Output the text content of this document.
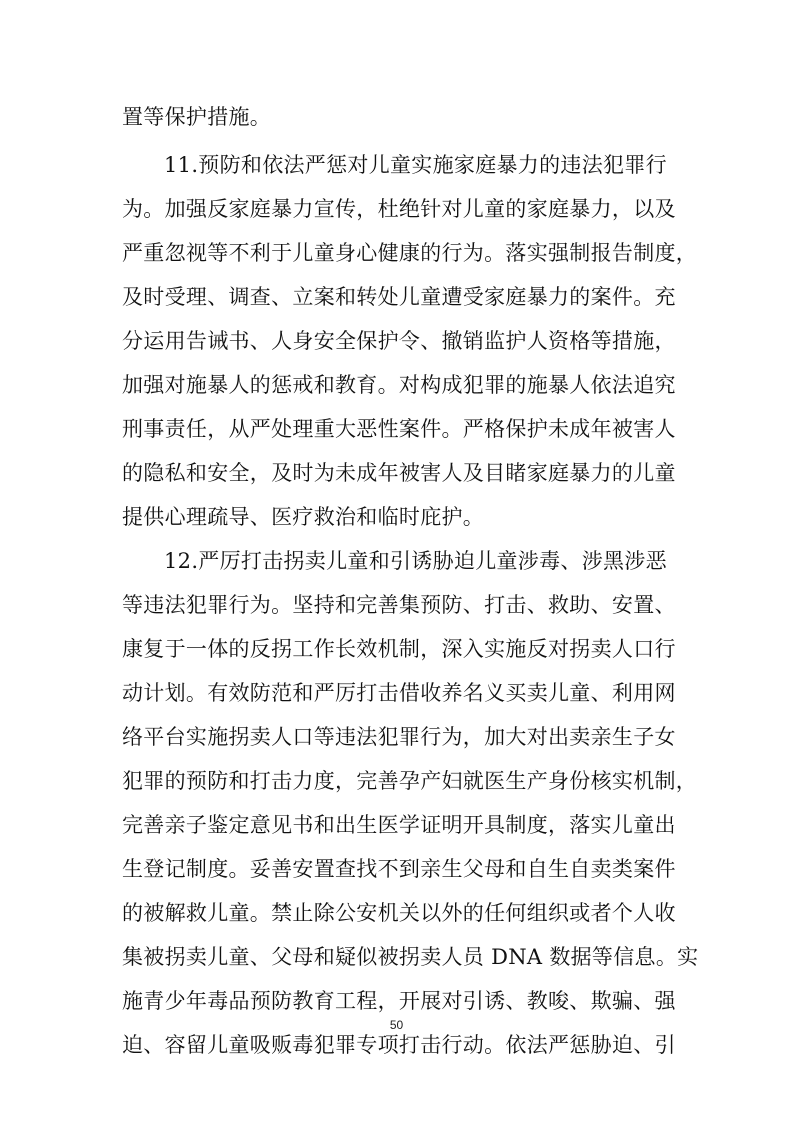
置等保护措施。
11.预防和依法严惩对儿童实施家庭暴力的违法犯罪行
为。加强反家庭暴力宣传，杜绝针对儿童的家庭暴力，以及
严重忽视等不利于儿童身心健康的行为。落实强制报告制度，
及时受理、调查、立案和转处儿童遭受家庭暴力的案件。充
分运用告诫书、人身安全保护令、撤销监护人资格等措施，
加强对施暴人的惩戒和教育。对构成犯罪的施暴人依法追究
刑事责任，从严处理重大恶性案件。严格保护未成年被害人
的隐私和安全，及时为未成年被害人及目睹家庭暴力的儿童
提供心理疏导、医疗救治和临时庇护。
12.严厉打击拐卖儿童和引诱胁迫儿童涉毒、涉黑涉恶
等违法犯罪行为。坚持和完善集预防、打击、救助、安置、
康复于一体的反拐工作长效机制，深入实施反对拐卖人口行
动计划。有效防范和严厉打击借收养名义买卖儿童、利用网
络平台实施拐卖人口等违法犯罪行为，加大对出卖亲生子女
犯罪的预防和打击力度，完善孕产妇就医生产身份核实机制，
完善亲子鉴定意见书和出生医学证明开具制度，落实儿童出
生登记制度。妥善安置查找不到亲生父母和自生自卖类案件
的被解救儿童。禁止除公安机关以外的任何组织或者个人收
集被拐卖儿童、父母和疑似被拐卖人员 DNA 数据等信息。实
施青少年毒品预防教育工程，开展对引诱、教唆、欺骗、强
迫、容留儿童吸贩毒犯罪专项打击行动。依法严惩胁迫、引
50
